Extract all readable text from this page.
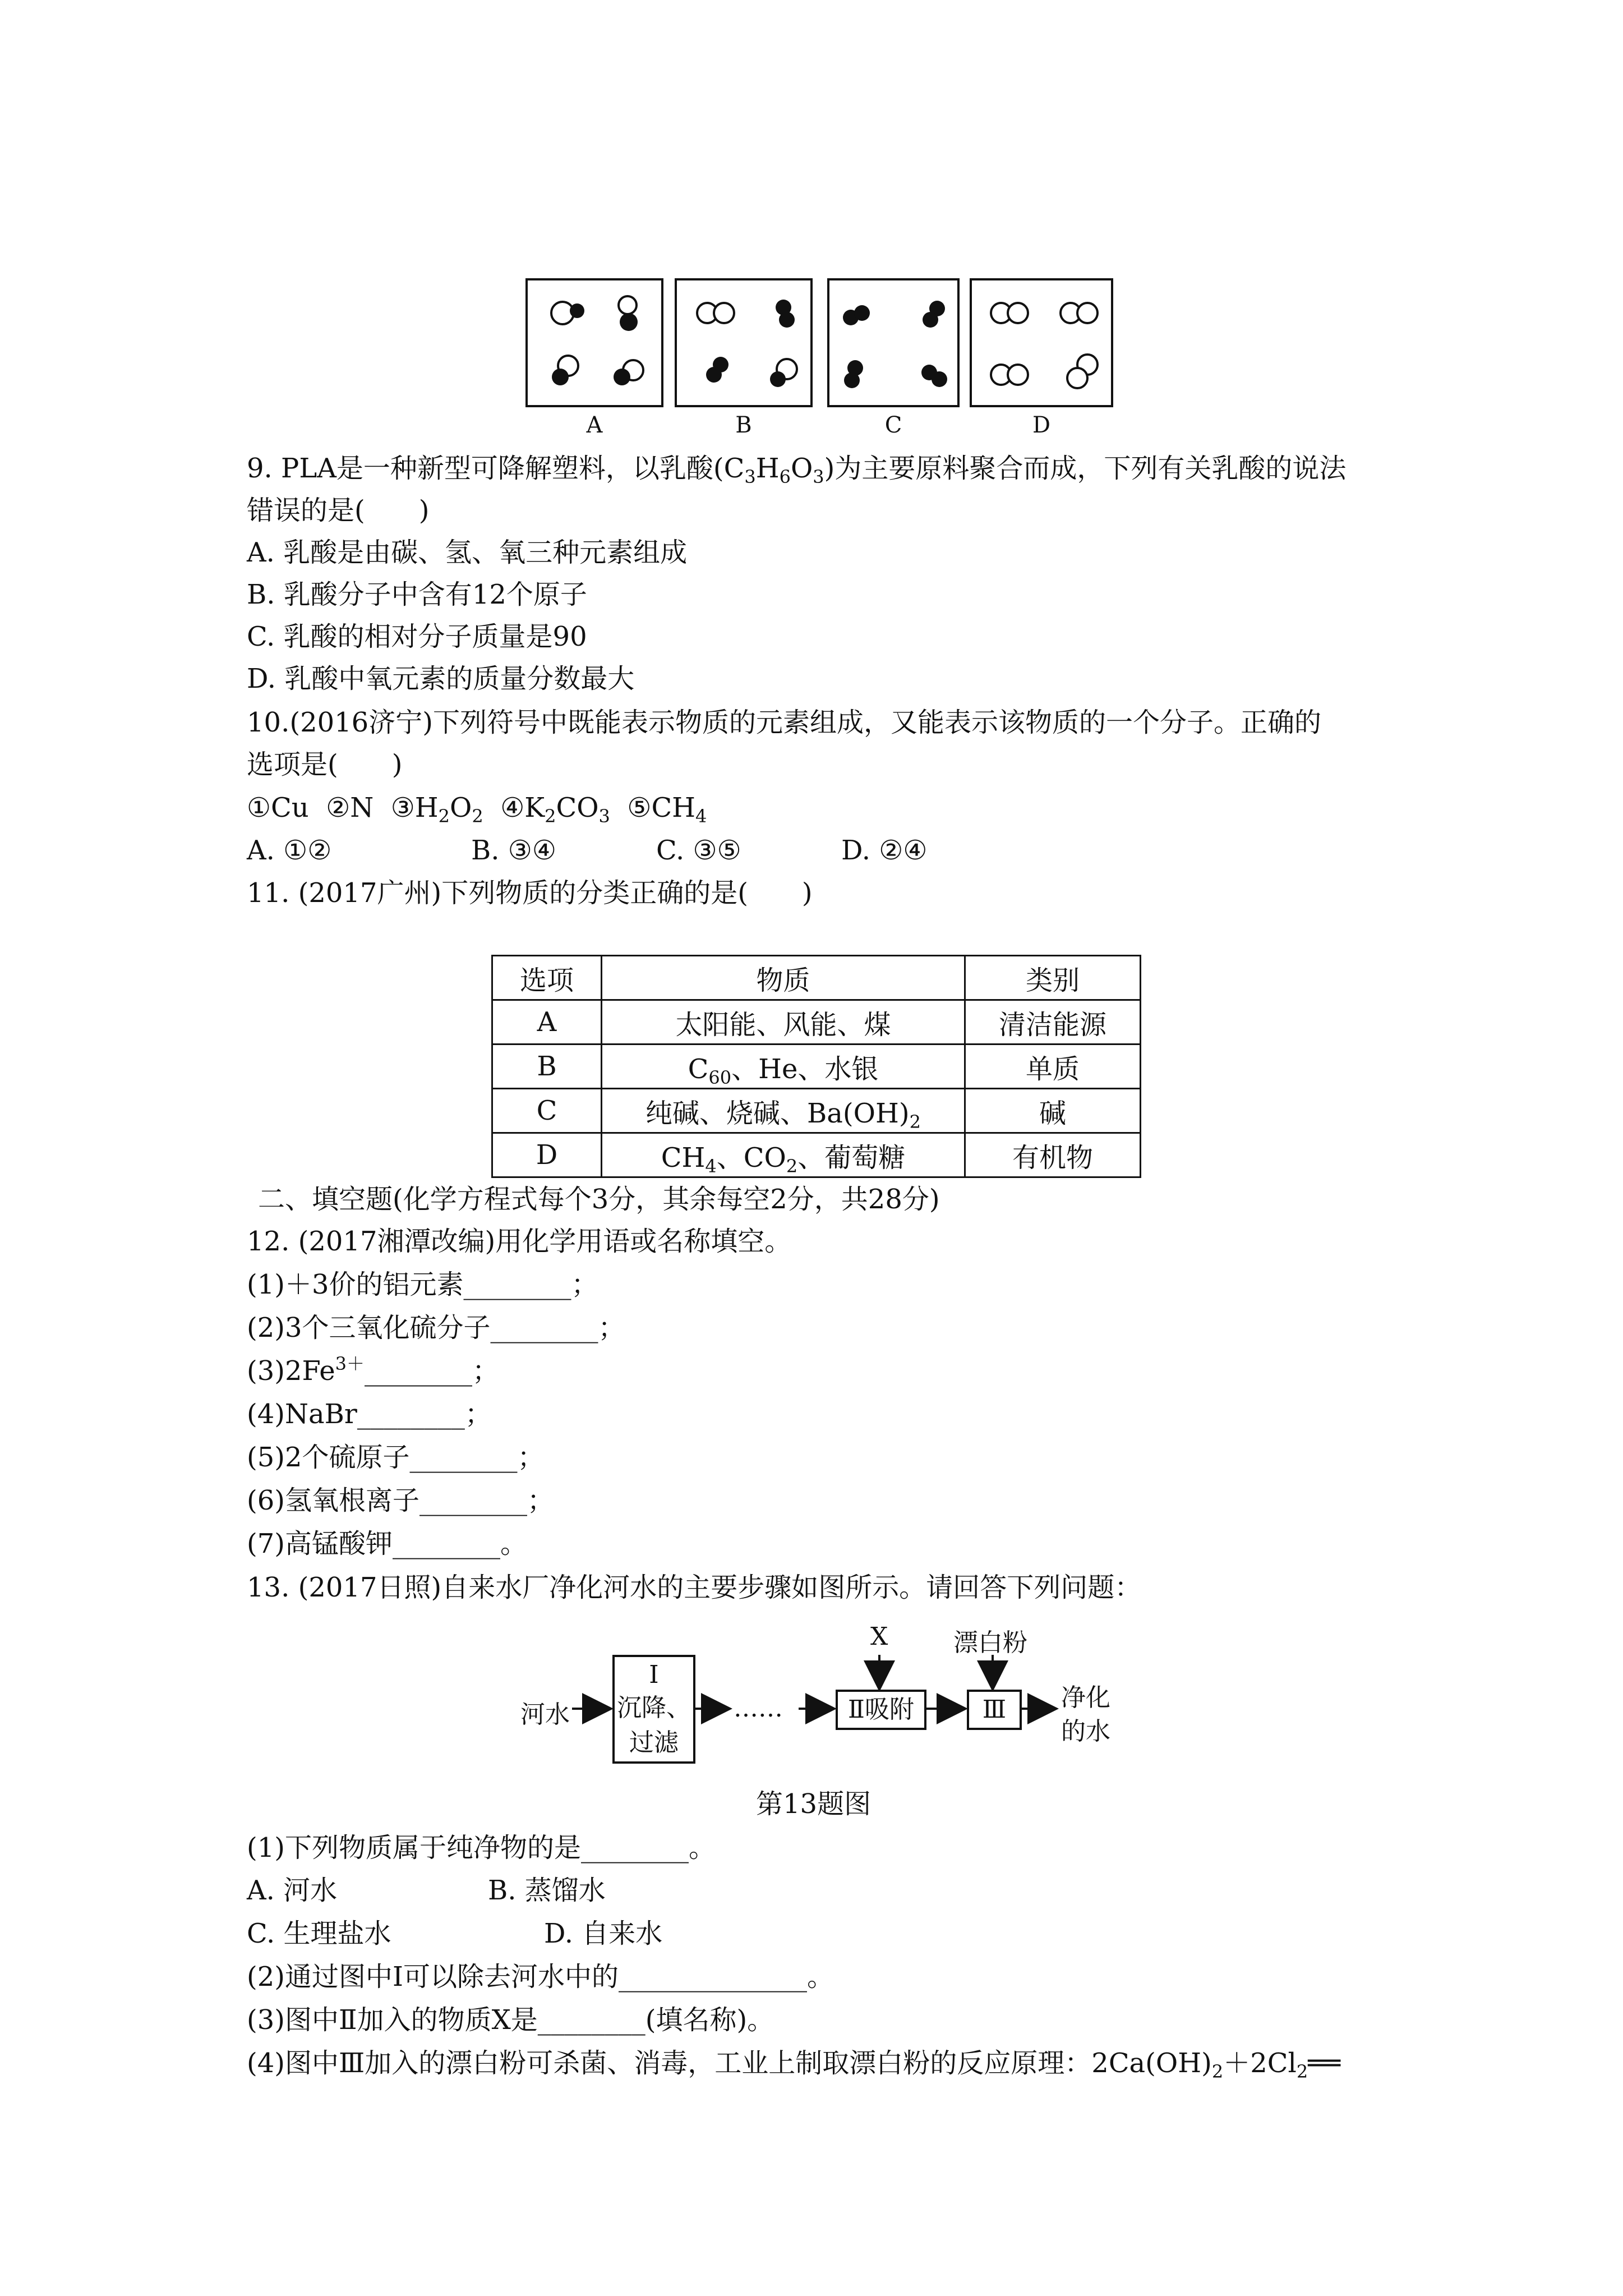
A	B	C	D
9. PLA是一种新型可降解塑料，以乳酸$(C_3H_6O_3)$为主要原料聚合而成，下列有关乳酸的说法
错误的是(　　)
A. 乳酸是由碳、氢、氧三种元素组成
B. 乳酸分子中含有12个原子
C. 乳酸的相对分子质量是90
D. 乳酸中氧元素的质量分数最大
10.(2016济宁)下列符号中既能表示物质的元素组成，又能表示该物质的一个分子。正确的
选项是(　　)
①Cu ②N $③H_2O_2$ $④K_2CO_3$ $⑤CH_4$
A. ①②	B. ③④	C. ③⑤	D. ②④
11. (2017广州)下列物质的分类正确的是(　　)
选项	物质	类别
A	太阳能、风能、煤	清洁能源
B	$C_{60}$、He、水银	单质
C	纯碱、烧碱、$Ba(OH)_2$	碱
D	$CH_4$、$CO_2$、葡萄糖	有机物
二、填空题(化学方程式每个3分，其余每空2分，共28分)
12. (2017湘潭改编)用化学用语或名称填空。
(1)＋3价的铝元素________；
(2)3个三氧化硫分子________；
$(3)2Fe^{3+}\_\_\_\_\_\_\_\_$；
(4)NaBr________；
(5)2个硫原子________；
(6)氢氧根离子________；
(7)高锰酸钾________。
13. (2017日照)自来水厂净化河水的主要步骤如图所示。请回答下列问题：
河水
Ⅰ
沉降、
过滤
……
X
Ⅱ吸附
漂白粉
Ⅲ	净化
的水
第13题图
(1)下列物质属于纯净物的是________。
A. 河水	B. 蒸馏水
C. 生理盐水	D. 自来水
(2)通过图中Ⅰ可以除去河水中的______________。
(3)图中Ⅱ加入的物质X是________(填名称)。
(4)图中Ⅲ加入的漂白粉可杀菌、消毒，工业上制取漂白粉的反应原理：$2Ca(OH)_2+2Cl_2══$
